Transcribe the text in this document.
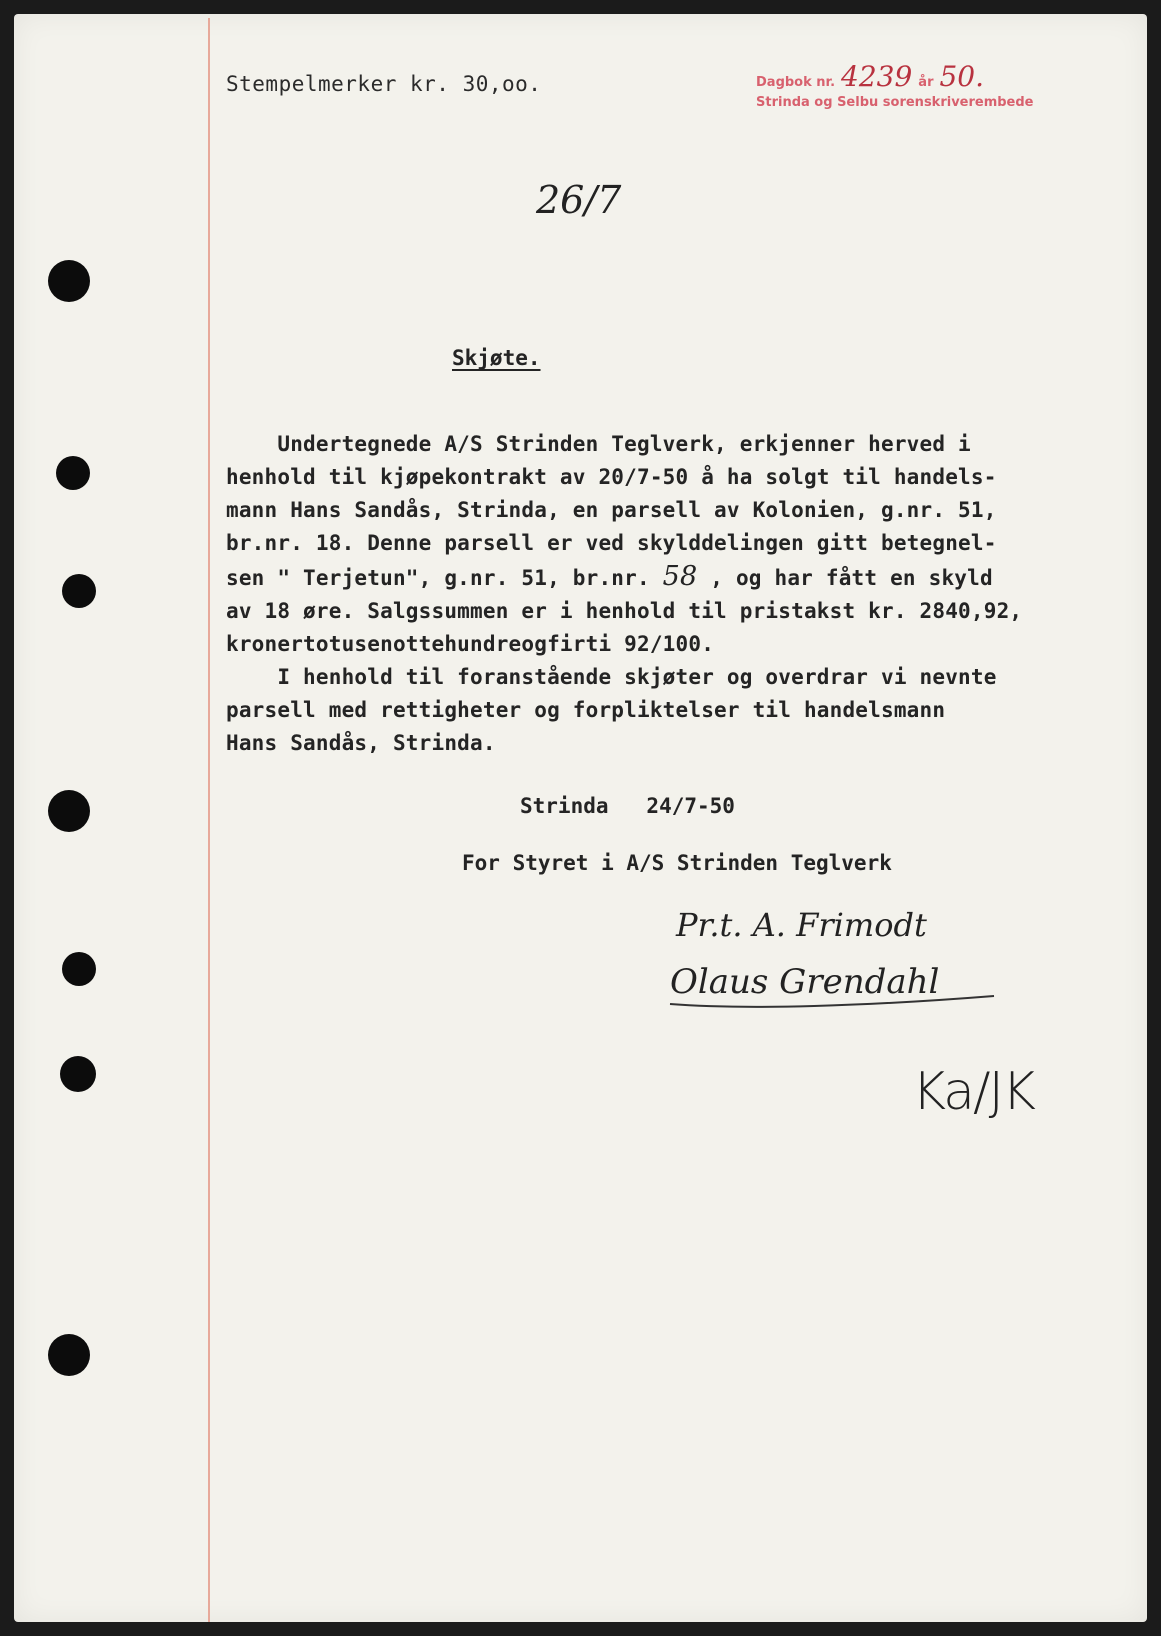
Stempelmerker kr. 30,oo.	Dagbok nr. 4239 år 50.
Strinda og Selbu sorenskriverembede
26/7
Skjøte.
Undertegnede A/S Strinden Teglverk, erkjenner herved i
henhold til kjøpekontrakt av 20/7-50 å ha solgt til handels-
mann Hans Sandås, Strinda, en parsell av Kolonien, g.nr. 51,
br.nr. 18. Denne parsell er ved skylddelingen gitt betegnel-
sen " Terjetun", g.nr. 51, br.nr. 58 , og har fått en skyld
av 18 øre. Salgssummen er i henhold til pristakst kr. 2840,92,
kronertotusenottehundreogfirti 92/100.
I henhold til foranstående skjøter og overdrar vi nevnte
parsell med rettigheter og forpliktelser til handelsmann
Hans Sandås, Strinda.
Strinda   24/7-50
For Styret i A/S Strinden Teglverk
Pr.t. A. Frimodt
Olaus Grendahl
Ka/JK
